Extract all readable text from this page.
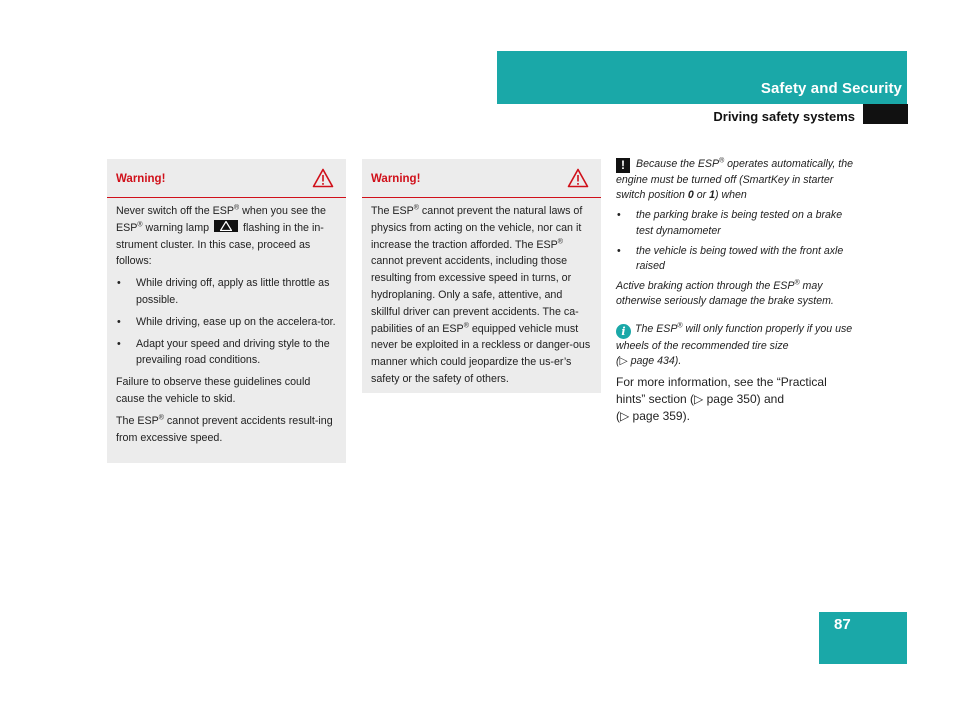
Safety and Security
Driving safety systems
Warning!

Never switch off the ESP® when you see the ESP® warning lamp	flashing in the in-strument cluster. In this case, proceed as follows:

• While driving off, apply as little throttle as possible.
• While driving, ease up on the accelera-tor.
• Adapt your speed and driving style to the prevailing road conditions.

Failure to observe these guidelines could cause the vehicle to skid.

The ESP® cannot prevent accidents result-ing from excessive speed.

Warning!

The ESP® cannot prevent the natural laws of physics from acting on the vehicle, nor can it increase the traction afforded. The ESP® cannot prevent accidents, including those resulting from excessive speed in turns, or hydroplaning. Only a safe, attentive, and skillful driver can prevent accidents. The ca-pabilities of an ESP® equipped vehicle must never be exploited in a reckless or danger-ous manner which could jeopardize the us-er’s safety or the safety of others.

! Because the ESP® operates automatically, the engine must be turned off (SmartKey in starter switch position 0 or 1) when

• the parking brake is being tested on a brake test dynamometer
• the vehicle is being towed with the front axle raised

Active braking action through the ESP® may otherwise seriously damage the brake system.

i The ESP® will only function properly if you use wheels of the recommended tire size
(▷ page 434).

For more information, see the “Practical hints” section (▷ page 350) and
(▷ page 359).

87
